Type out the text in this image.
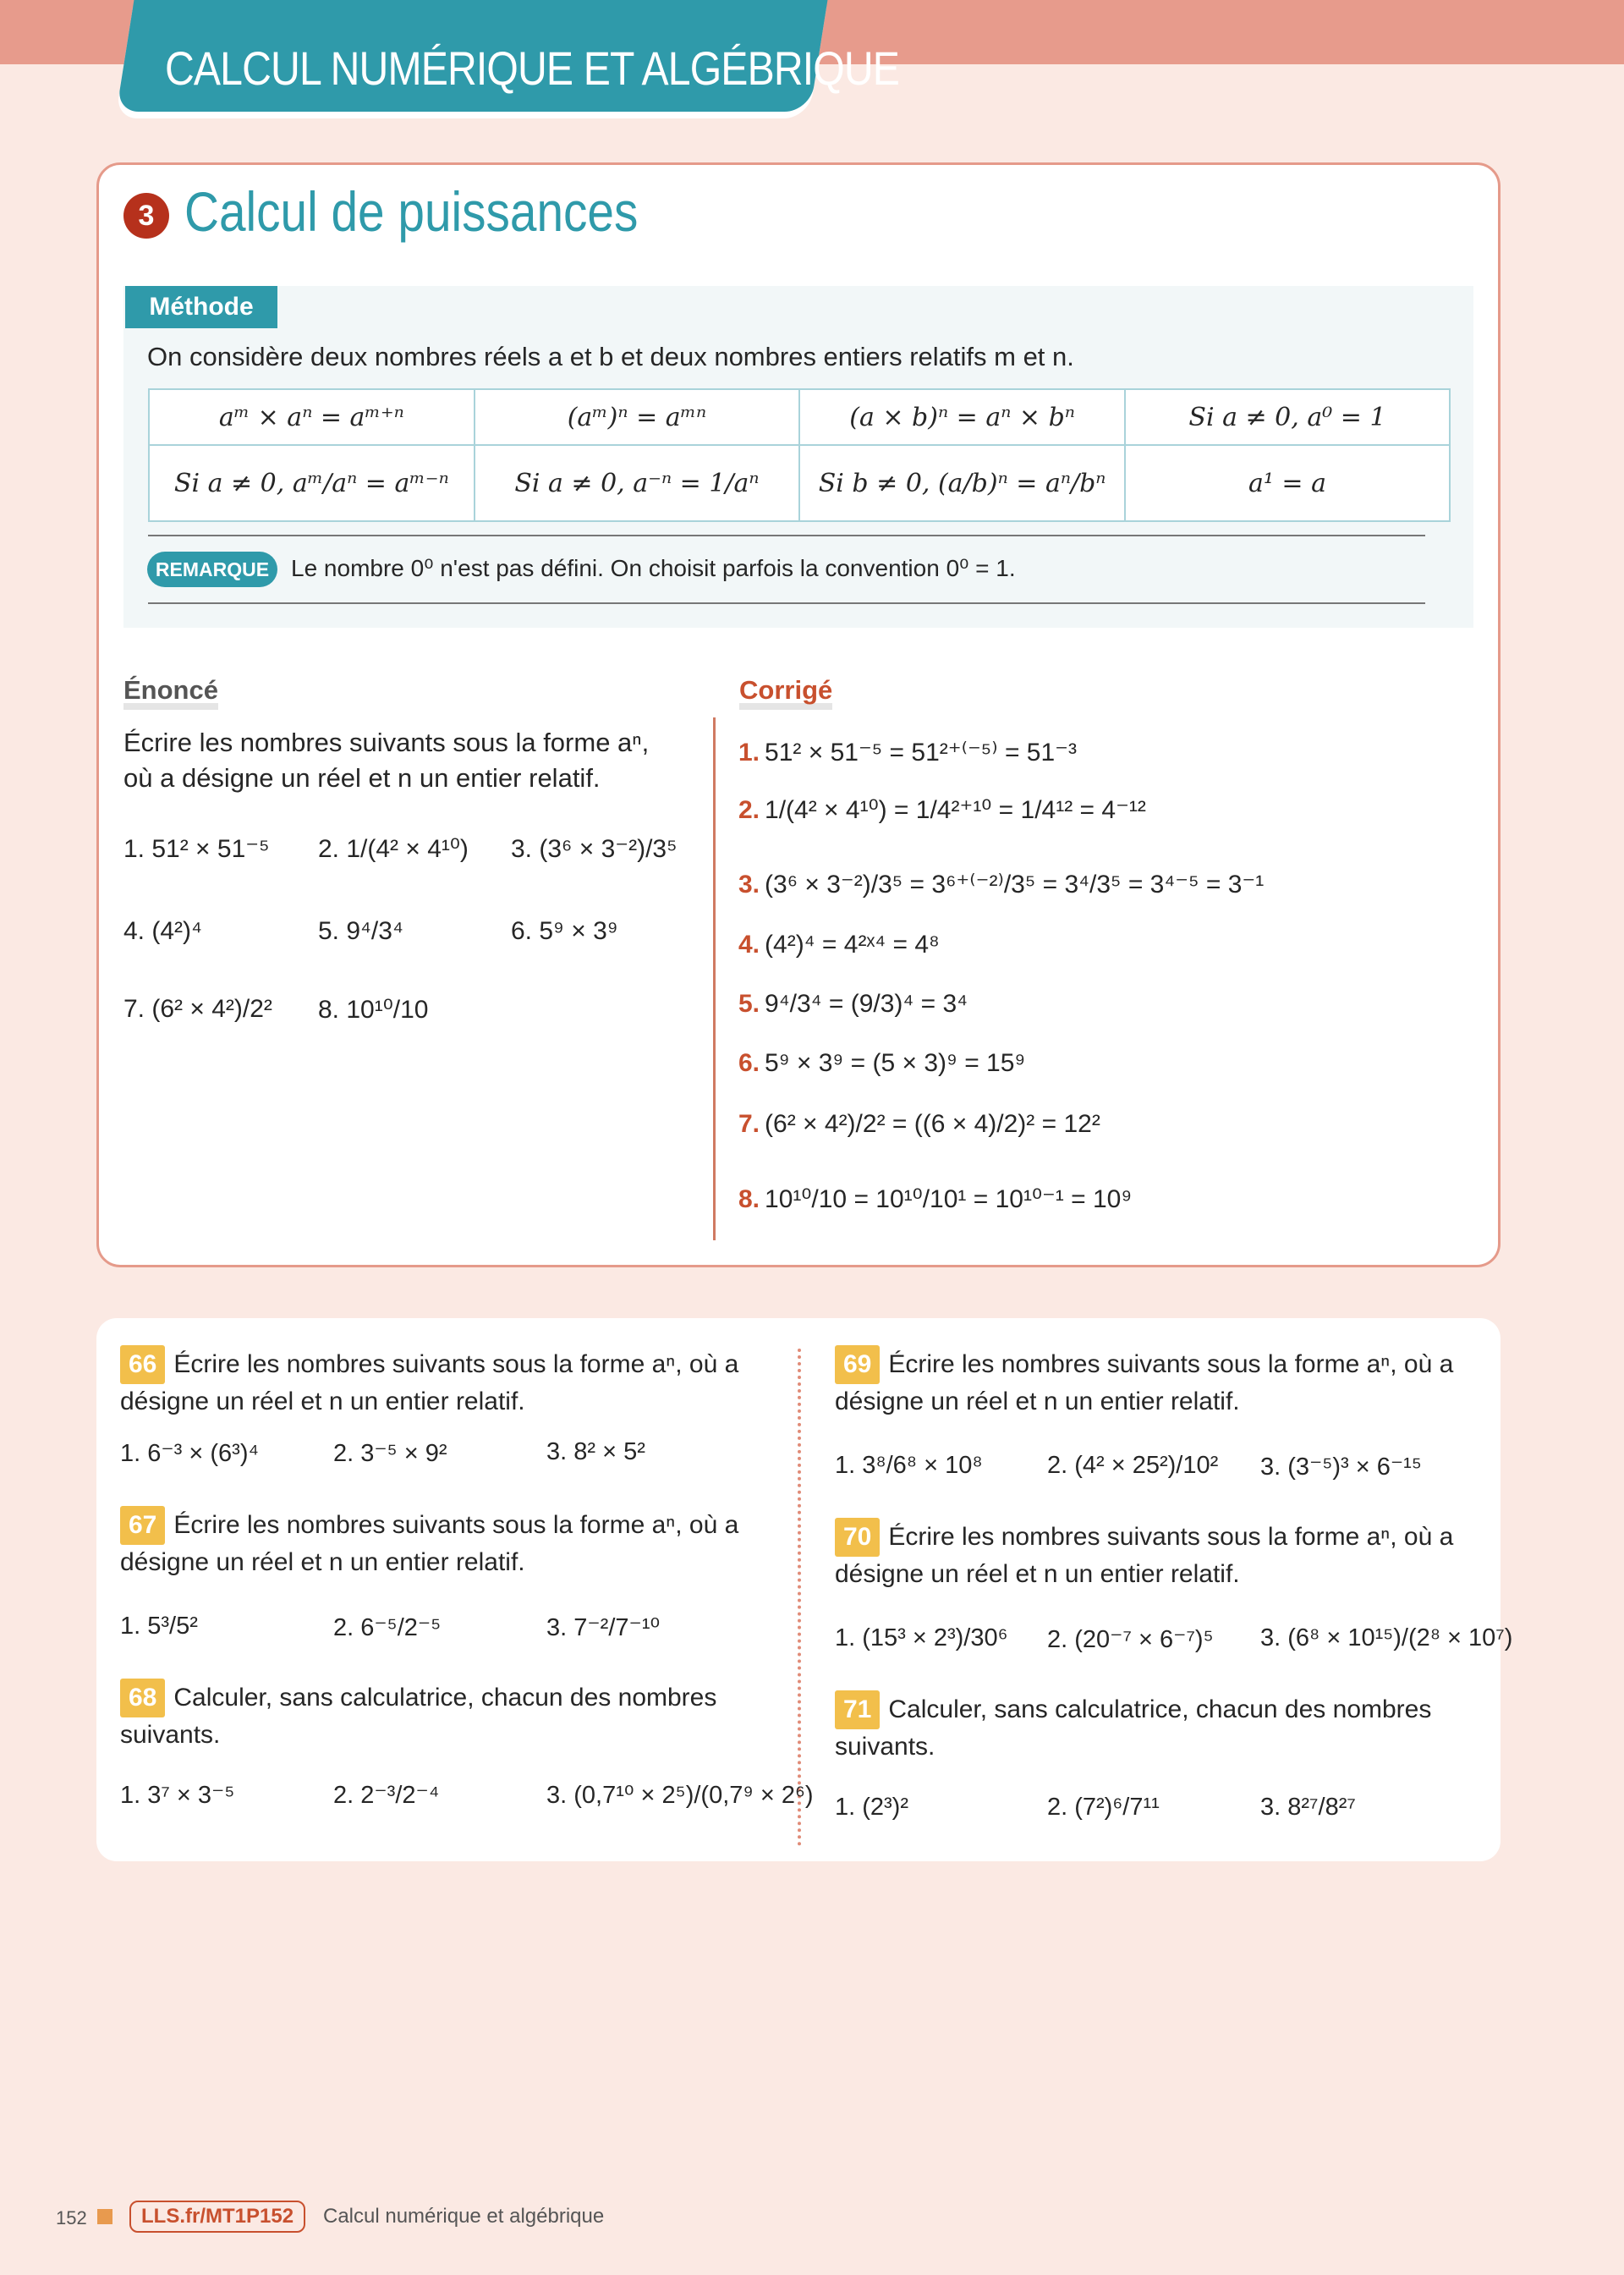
CALCUL NUMÉRIQUE ET ALGÉBRIQUE
3 Calcul de puissances
Méthode
On considère deux nombres réels a et b et deux nombres entiers relatifs m et n.
aᵐ × aⁿ = aᵐ⁺ⁿ	(aᵐ)ⁿ = aᵐⁿ	(a × b)ⁿ = aⁿ × bⁿ	Si a ≠ 0, a⁰ = 1
Si a ≠ 0, aᵐ/aⁿ = aᵐ⁻ⁿ	Si a ≠ 0, a⁻ⁿ = 1/aⁿ	Si b ≠ 0, (a/b)ⁿ = aⁿ/bⁿ	a¹ = a
REMARQUE Le nombre 0⁰ n'est pas défini. On choisit parfois la convention 0⁰ = 1.
Énoncé	Corrigé
Écrire les nombres suivants sous la forme aⁿ,
où a désigne un réel et n un entier relatif.
1. 51² × 51⁻⁵ 2. 1/(4² × 4¹⁰) 3. (3⁶ × 3⁻²)/3⁵
4. (4²)⁴	5. 9⁴/3⁴	6. 5⁹ × 3⁹
7. (6² × 4²)/2² 8. 10¹⁰/10
1. 51² × 51⁻⁵ = 51²⁺⁽⁻⁵⁾ = 51⁻³
2. 1/(4² × 4¹⁰) = 1/4²⁺¹⁰ = 1/4¹² = 4⁻¹²
3. (3⁶ × 3⁻²)/3⁵ = 3⁶⁺⁽⁻²⁾/3⁵ = 3⁴/3⁵ = 3⁴⁻⁵ = 3⁻¹
4. (4²)⁴ = 4²ˣ⁴ = 4⁸
5. 9⁴/3⁴ = (9/3)⁴ = 3⁴
6. 5⁹ × 3⁹ = (5 × 3)⁹ = 15⁹
7. (6² × 4²)/2² = ((6 × 4)/2)² = 12²
8. 10¹⁰/10 = 10¹⁰/10¹ = 10¹⁰⁻¹ = 10⁹
66 Écrire les nombres suivants sous la forme aⁿ, où a désigne un réel et n un entier relatif.
1. 6⁻³ × (6³)⁴	2. 3⁻⁵ × 9²	3. 8² × 5²
67 Écrire les nombres suivants sous la forme aⁿ, où a désigne un réel et n un entier relatif.
1. 5³/5²	2. 6⁻⁵/2⁻⁵	3. 7⁻²/7⁻¹⁰
68 Calculer, sans calculatrice, chacun des nombres suivants.
1. 3⁷ × 3⁻⁵	2. 2⁻³/2⁻⁴	3. (0,7¹⁰ × 2⁵)/(0,7⁹ × 2⁶)
69 Écrire les nombres suivants sous la forme aⁿ, où a désigne un réel et n un entier relatif.
1. 3⁸/6⁸ × 10⁸	2. (4² × 25²)/10² 3. (3⁻⁵)³ × 6⁻¹⁵
70 Écrire les nombres suivants sous la forme aⁿ, où a désigne un réel et n un entier relatif.
1. (15³ × 2³)/30⁶ 2. (20⁻⁷ × 6⁻⁷)⁵ 3. (6⁸ × 10¹⁵)/(2⁸ × 10⁷)
71 Calculer, sans calculatrice, chacun des nombres suivants.
1. (2³)²	2. (7²)⁶/7¹¹	3. 8²⁷/8²⁷
152	LLS.fr/MT1P152	Calcul numérique et algébrique
